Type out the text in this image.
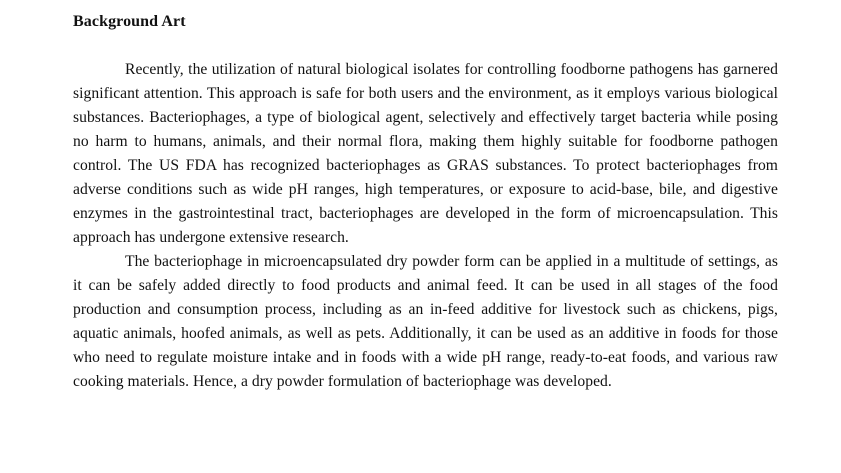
Background Art

Recently, the utilization of natural biological isolates for controlling foodborne pathogens has garnered significant attention. This approach is safe for both users and the environment, as it employs various biological substances. Bacteriophages, a type of biological agent, selectively and effectively target bacteria while posing no harm to humans, animals, and their normal flora, making them highly suitable for foodborne pathogen control. The US FDA has recognized bacteriophages as GRAS substances. To protect bacteriophages from adverse conditions such as wide pH ranges, high temperatures, or exposure to acid-base, bile, and digestive enzymes in the gastrointestinal tract, bacteriophages are developed in the form of microencapsulation. This approach has undergone extensive research.

The bacteriophage in microencapsulated dry powder form can be applied in a multitude of settings, as it can be safely added directly to food products and animal feed. It can be used in all stages of the food production and consumption process, including as an in-feed additive for livestock such as chickens, pigs, aquatic animals, hoofed animals, as well as pets. Additionally, it can be used as an additive in foods for those who need to regulate moisture intake and in foods with a wide pH range, ready-to-eat foods, and various raw cooking materials. Hence, a dry powder formulation of bacteriophage was developed.
